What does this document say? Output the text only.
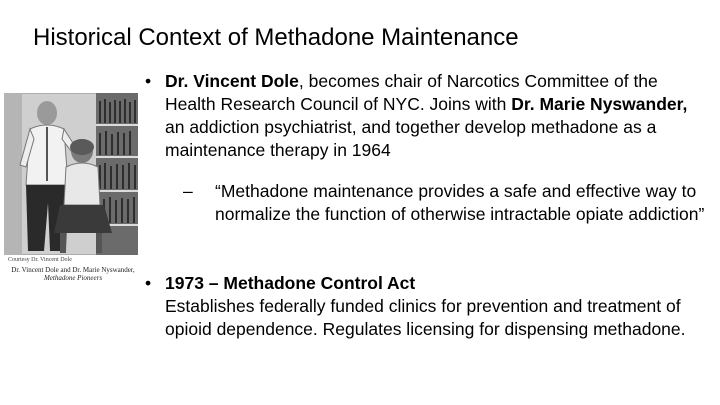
Historical Context of Methadone Maintenance
Courtesy Dr. Vincent Dole
Dr. Vincent Dole and Dr. Marie Nyswander,
Methadone Pioneers

• Dr. Vincent Dole, becomes chair of Narcotics Committee of the Health Research Council of NYC. Joins with Dr. Marie Nyswander, an addiction psychiatrist, and together develop methadone as a maintenance therapy in 1964

– “Methadone maintenance provides a safe and effective way to normalize the function of otherwise intractable opiate addiction”

• 1973 – Methadone Control Act
Establishes federally funded clinics for prevention and treatment of opioid dependence. Regulates licensing for dispensing methadone.
